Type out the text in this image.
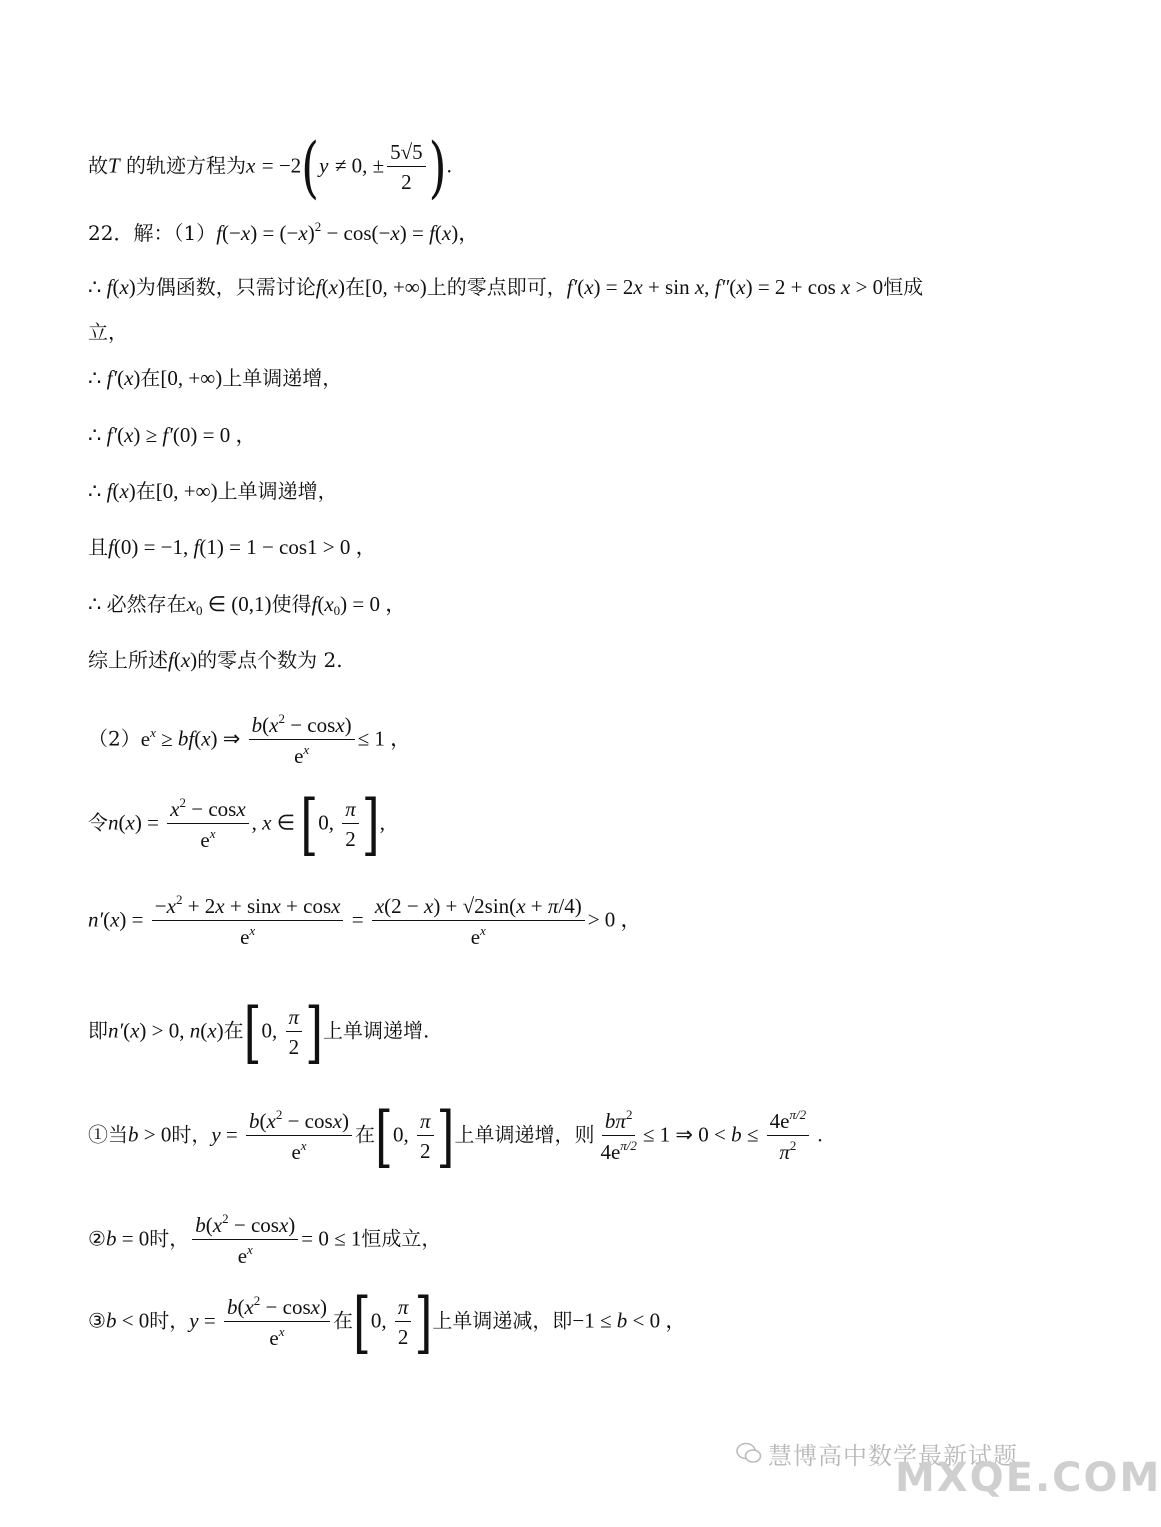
故T 的轨迹方程为x = −2(y ≠ 0, ± $\frac{5√5}{2}$ ).
22．解：$(1)f(-x) = (-x)^2 - \cos(-x) = f(x)$，
∴ f(x)为偶函数，只需讨论f(x)在[0, +∞)上的零点即可，f′(x) = 2x + sin x, f″(x) = 2 + cos x > 0恒成
立，
∴ f′(x)在[0, +∞)上单调递增，
∴ f′(x) ≥ f′(0) = 0 ，
∴ f(x)在[0, +∞)上单调递增，
且f(0) = −1, f(1) = 1 − cos1 > 0 ，
∴ 必然存在$x_0$ ∈ (0,1)使得$f(x_0) = 0$ ，
综上所述f(x)的零点个数为 2.
$(2)e^x \ge bf(x)$ ⇒ $\frac{b(x^2 - \cos x)}{e^x} \le 1$ ，
令$n(x) = \frac{x^2 - \cos x}{e^x}$ , x ∈ [0, $\frac{\pi}{2}$ ],
$n'(x) = \frac{-x^2 + 2x + \sin x + \cos x}{e^x} = \frac{x(2 - x) + √2\sin(x + \pi/4)}{e^x} > 0$ ，
即n′(x) > 0, n(x)在[0, $\frac{\pi}{2}$ ]上单调递增.
①当b > 0时，$y = \frac{b(x^2 - \cos x)}{e^x}$ 在[0, $\frac{\pi}{2}$ ]上单调递增，则 $\frac{b\pi^2}{4e^{\pi/2}} \le 1$ ⇒ $0 < b \le \frac{4e^{\pi/2}}{\pi^2}$ .
②b = 0时， $\frac{b(x^2 - \cos x)}{e^x} = 0 \le 1$恒成立，
③b < 0时，$y = \frac{b(x^2 - \cos x)}{e^x}$ 在[0, $\frac{\pi}{2}$ ]上单调递减，即−1 ≤ b < 0 ，
慧博高中数学最新试题
MXQE.COM
